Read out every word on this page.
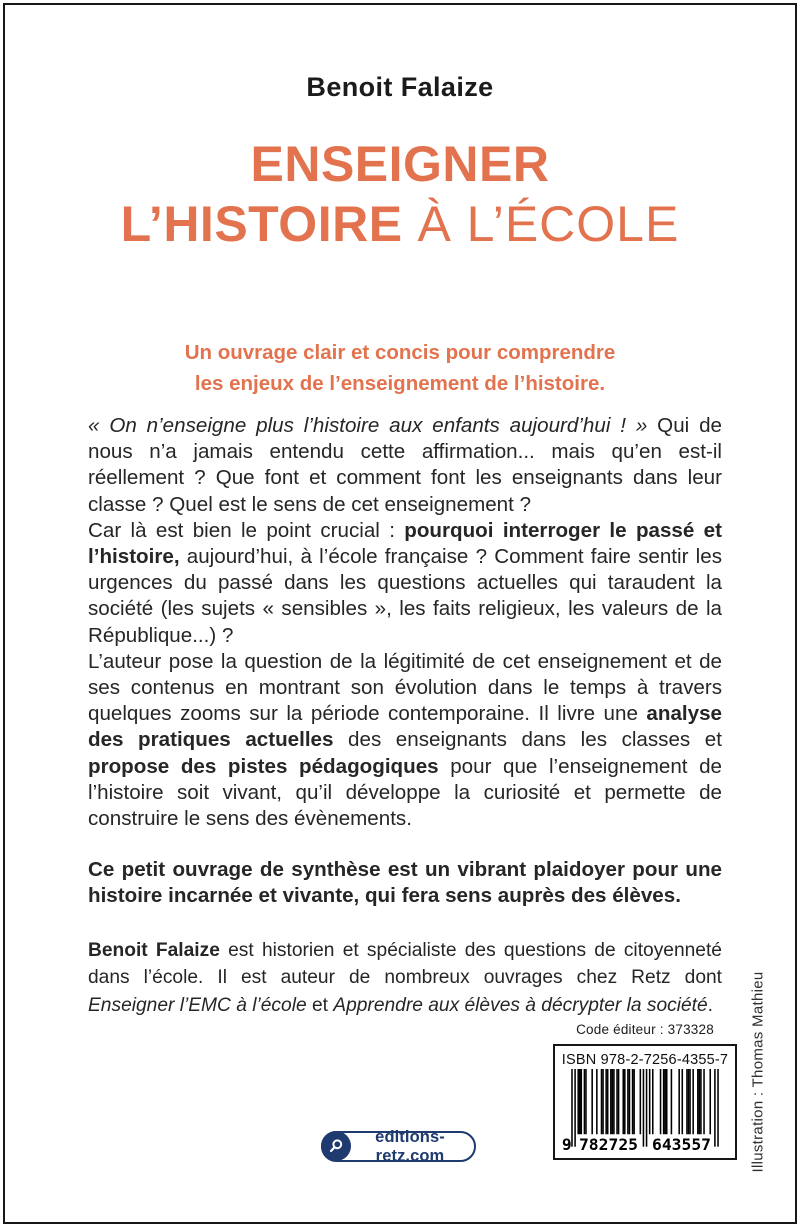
Benoit Falaize
ENSEIGNER
L’HISTOIRE À L’ÉCOLE
Un ouvrage clair et concis pour comprendre
les enjeux de l’enseignement de l’histoire.

« On n’enseigne plus l’histoire aux enfants aujourd’hui ! » Qui de nous n’a jamais entendu cette affirmation... mais qu’en est-il réellement ? Que font et comment font les enseignants dans leur classe ? Quel est le sens de cet enseignement ?

Car là est bien le point crucial : pourquoi interroger le passé et l’histoire, aujourd’hui, à l’école française ? Comment faire sentir les urgences du passé dans les questions actuelles qui taraudent la société (les sujets « sensibles », les faits religieux, les valeurs de la République...) ?

L’auteur pose la question de la légitimité de cet enseignement et de ses contenus en montrant son évolution dans le temps à travers quelques zooms sur la période contemporaine. Il livre une analyse des pratiques actuelles des enseignants dans les classes et propose des pistes pédagogiques pour que l’enseignement de l’histoire soit vivant, qu’il développe la curiosité et permette de construire le sens des évènements.

Ce petit ouvrage de synthèse est un vibrant plaidoyer pour une histoire incarnée et vivante, qui fera sens auprès des élèves.

Benoit Falaize est historien et spécialiste des questions de citoyenneté dans l’école. Il est auteur de nombreux ouvrages chez Retz dont Enseigner l’EMC à l’école et Apprendre aux élèves à décrypter la société.

Code éditeur : 373328
ISBN 978-2-7256-4355-7
9 782725 643557	Illustration : Thomas Mathieu
editions-retz.com
